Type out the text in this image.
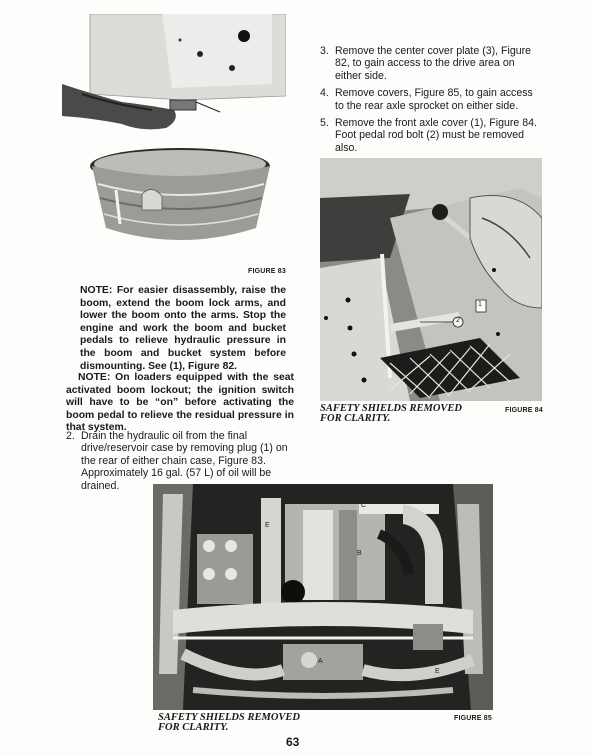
FIGURE 83
3. Remove the center cover plate (3), Figure 82, to gain access to the drive area on either side.
4. Remove covers, Figure 85, to gain access to the rear axle sprocket on either side.
5. Remove the front axle cover (1), Figure 84. Foot pedal rod bolt (2) must be removed also.
1
2
SAFETY SHIELDS REMOVED
FOR CLARITY.
FIGURE 84
NOTE: For easier disassembly, raise the boom, extend the boom lock arms, and lower the boom onto the arms. Stop the engine and work the boom and bucket pedals to relieve hydraulic pressure in the boom and bucket system before dismounting. See (1), Figure 82.
NOTE: On loaders equipped with the seat activated boom lockout; the ignition switch will have to be “on” before activating the boom pedal to relieve the residual pressure in that system.
2. Drain the hydraulic oil from the final drive/reservoir case by removing plug (1) on the rear of either chain case, Figure 83. Approximately 16 gal. (57 L) of oil will be drained.
E
C
B
A
D	D
E
SAFETY SHIELDS REMOVED
FOR CLARITY.
FIGURE 85
63
